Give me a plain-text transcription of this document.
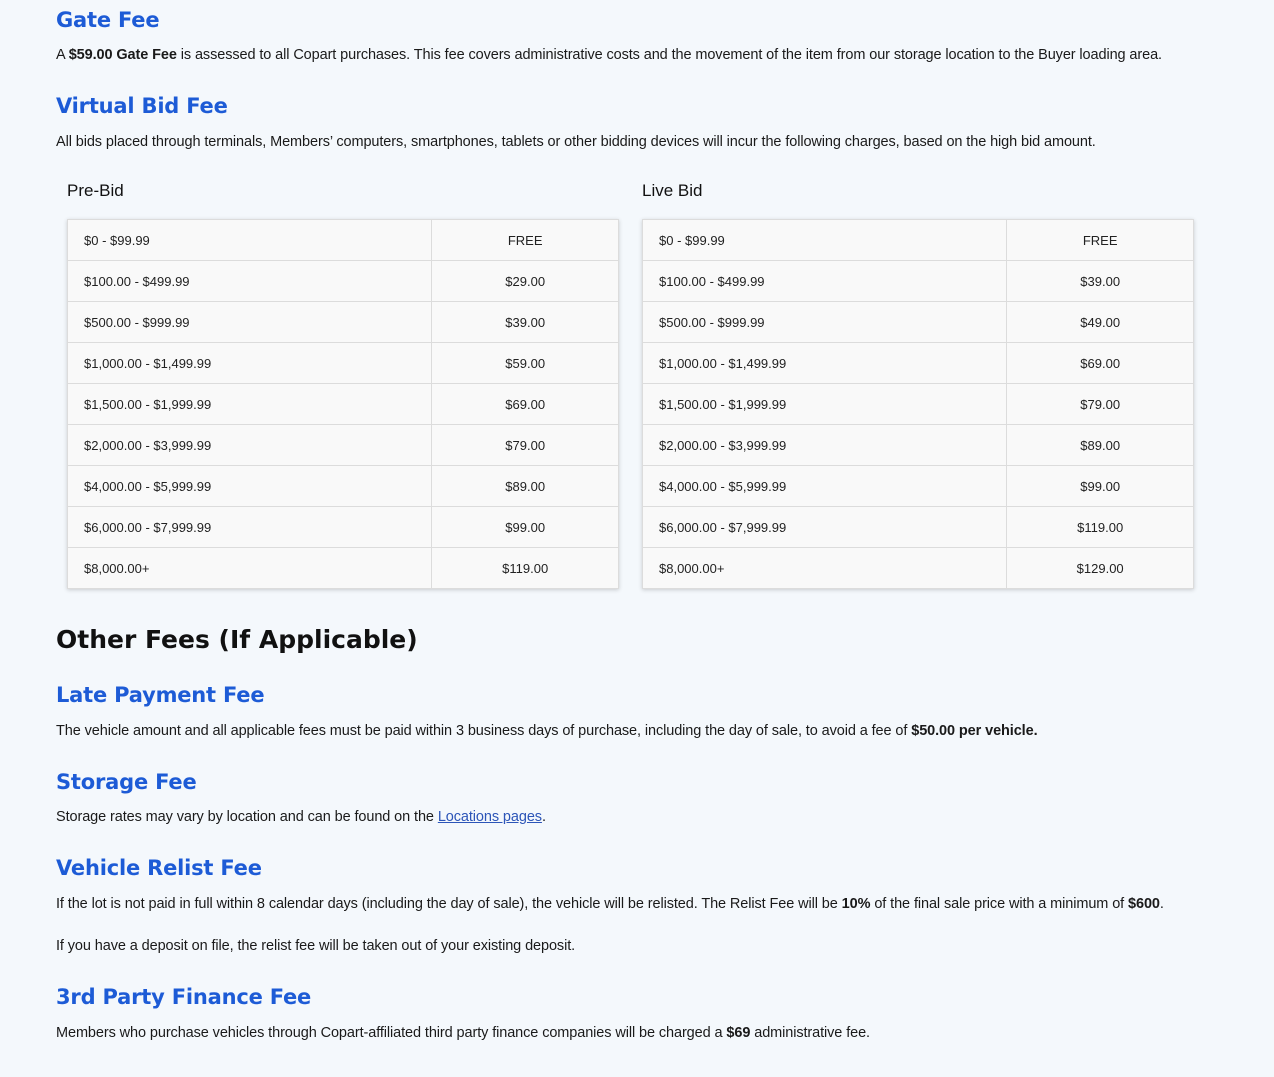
Gate Fee

A $59.00 Gate Fee is assessed to all Copart purchases. This fee covers administrative costs and the movement of the item from our storage location to the Buyer loading area.

Virtual Bid Fee

All bids placed through terminals, Members’ computers, smartphones, tablets or other bidding devices will incur the following charges, based on the high bid amount.

Pre-Bid
$0 - $99.99	FREE
$100.00 - $499.99	$29.00
$500.00 - $999.99	$39.00
$1,000.00 - $1,499.99	$59.00
$1,500.00 - $1,999.99	$69.00
$2,000.00 - $3,999.99	$79.00
$4,000.00 - $5,999.99	$89.00
$6,000.00 - $7,999.99	$99.00
$8,000.00+	$119.00
Live Bid
$0 - $99.99	FREE
$100.00 - $499.99	$39.00
$500.00 - $999.99	$49.00
$1,000.00 - $1,499.99	$69.00
$1,500.00 - $1,999.99	$79.00
$2,000.00 - $3,999.99	$89.00
$4,000.00 - $5,999.99	$99.00
$6,000.00 - $7,999.99	$119.00
$8,000.00+	$129.00
Other Fees (If Applicable)
Late Payment Fee

The vehicle amount and all applicable fees must be paid within 3 business days of purchase, including the day of sale, to avoid a fee of $50.00 per vehicle.

Storage Fee

Storage rates may vary by location and can be found on the Locations pages.

Vehicle Relist Fee

If the lot is not paid in full within 8 calendar days (including the day of sale), the vehicle will be relisted. The Relist Fee will be 10% of the final sale price with a minimum of $600.

If you have a deposit on file, the relist fee will be taken out of your existing deposit.

3rd Party Finance Fee

Members who purchase vehicles through Copart-affiliated third party finance companies will be charged a $69 administrative fee.
